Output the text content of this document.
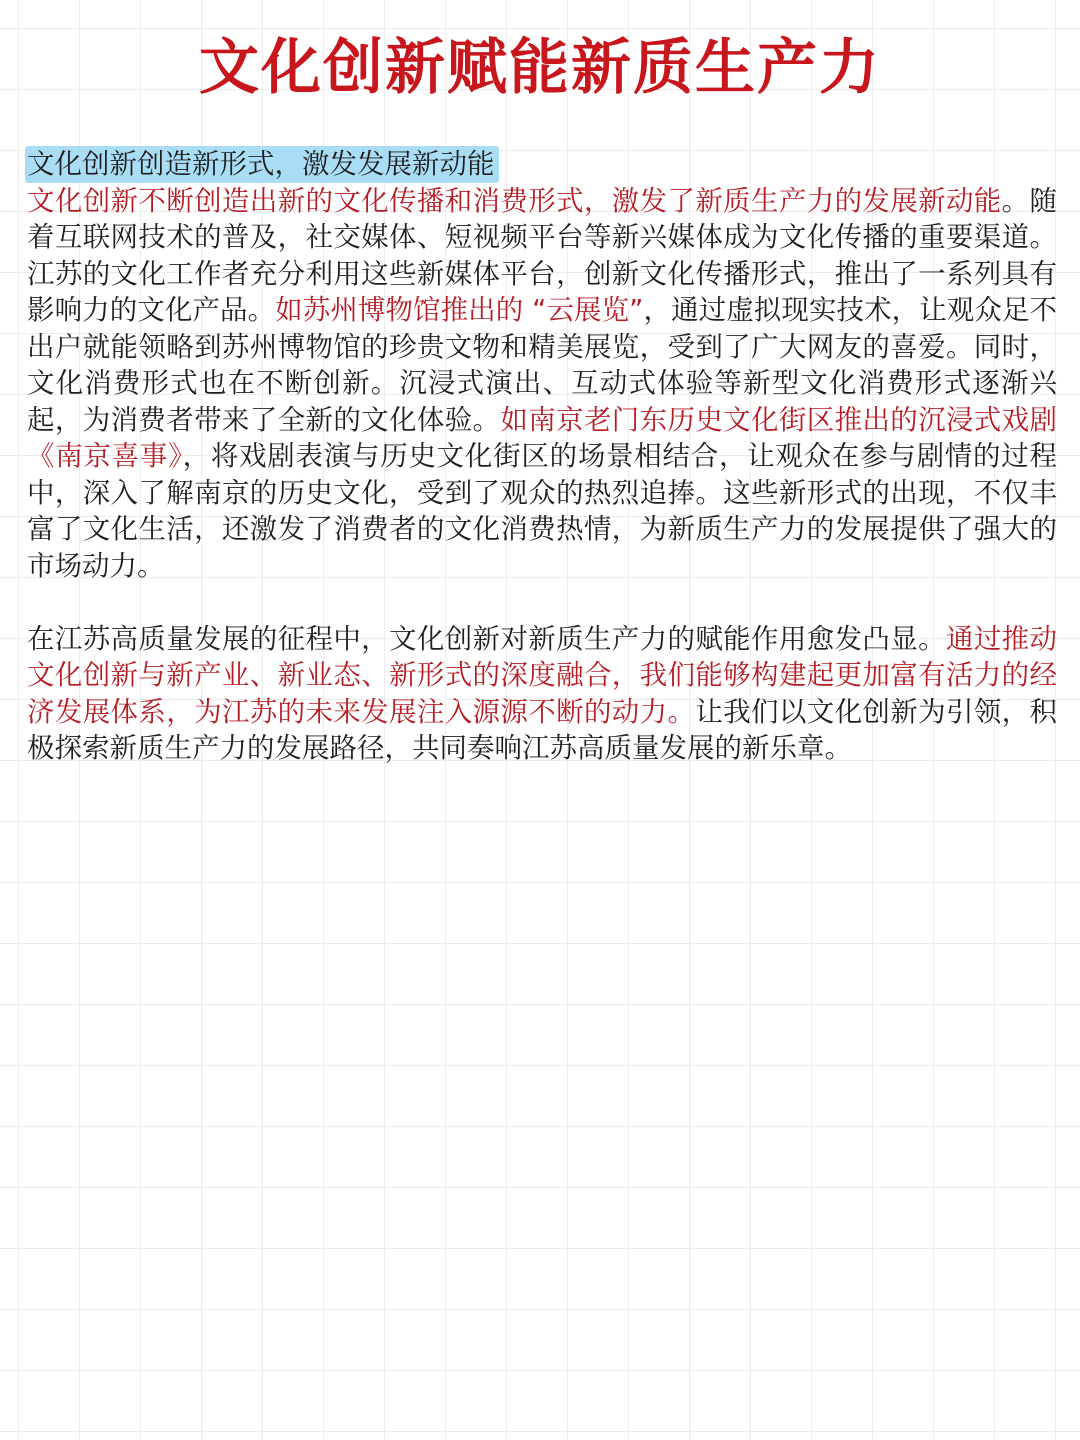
文化创新赋能新质生产力
文化创新创造新形式，激发发展新动能

文化创新不断创造出新的文化传播和消费形式，激发了新质生产力的发展新动能。随着互联网技术的普及，社交媒体、短视频平台等新兴媒体成为文化传播的重要渠道。江苏的文化工作者充分利用这些新媒体平台，创新文化传播形式，推出了一系列具有影响力的文化产品。如苏州博物馆推出的 “云展览”，通过虚拟现实技术，让观众足不出户就能领略到苏州博物馆的珍贵文物和精美展览，受到了广大网友的喜爱。同时，文化消费形式也在不断创新。沉浸式演出、互动式体验等新型文化消费形式逐渐兴起，为消费者带来了全新的文化体验。如南京老门东历史文化街区推出的沉浸式戏剧《南京喜事》，将戏剧表演与历史文化街区的场景相结合，让观众在参与剧情的过程中，深入了解南京的历史文化，受到了观众的热烈追捧。这些新形式的出现，不仅丰富了文化生活，还激发了消费者的文化消费热情，为新质生产力的发展提供了强大的市场动力。

在江苏高质量发展的征程中，文化创新对新质生产力的赋能作用愈发凸显。通过推动文化创新与新产业、新业态、新形式的深度融合，我们能够构建起更加富有活力的经济发展体系，为江苏的未来发展注入源源不断的动力。让我们以文化创新为引领，积极探索新质生产力的发展路径，共同奏响江苏高质量发展的新乐章。
